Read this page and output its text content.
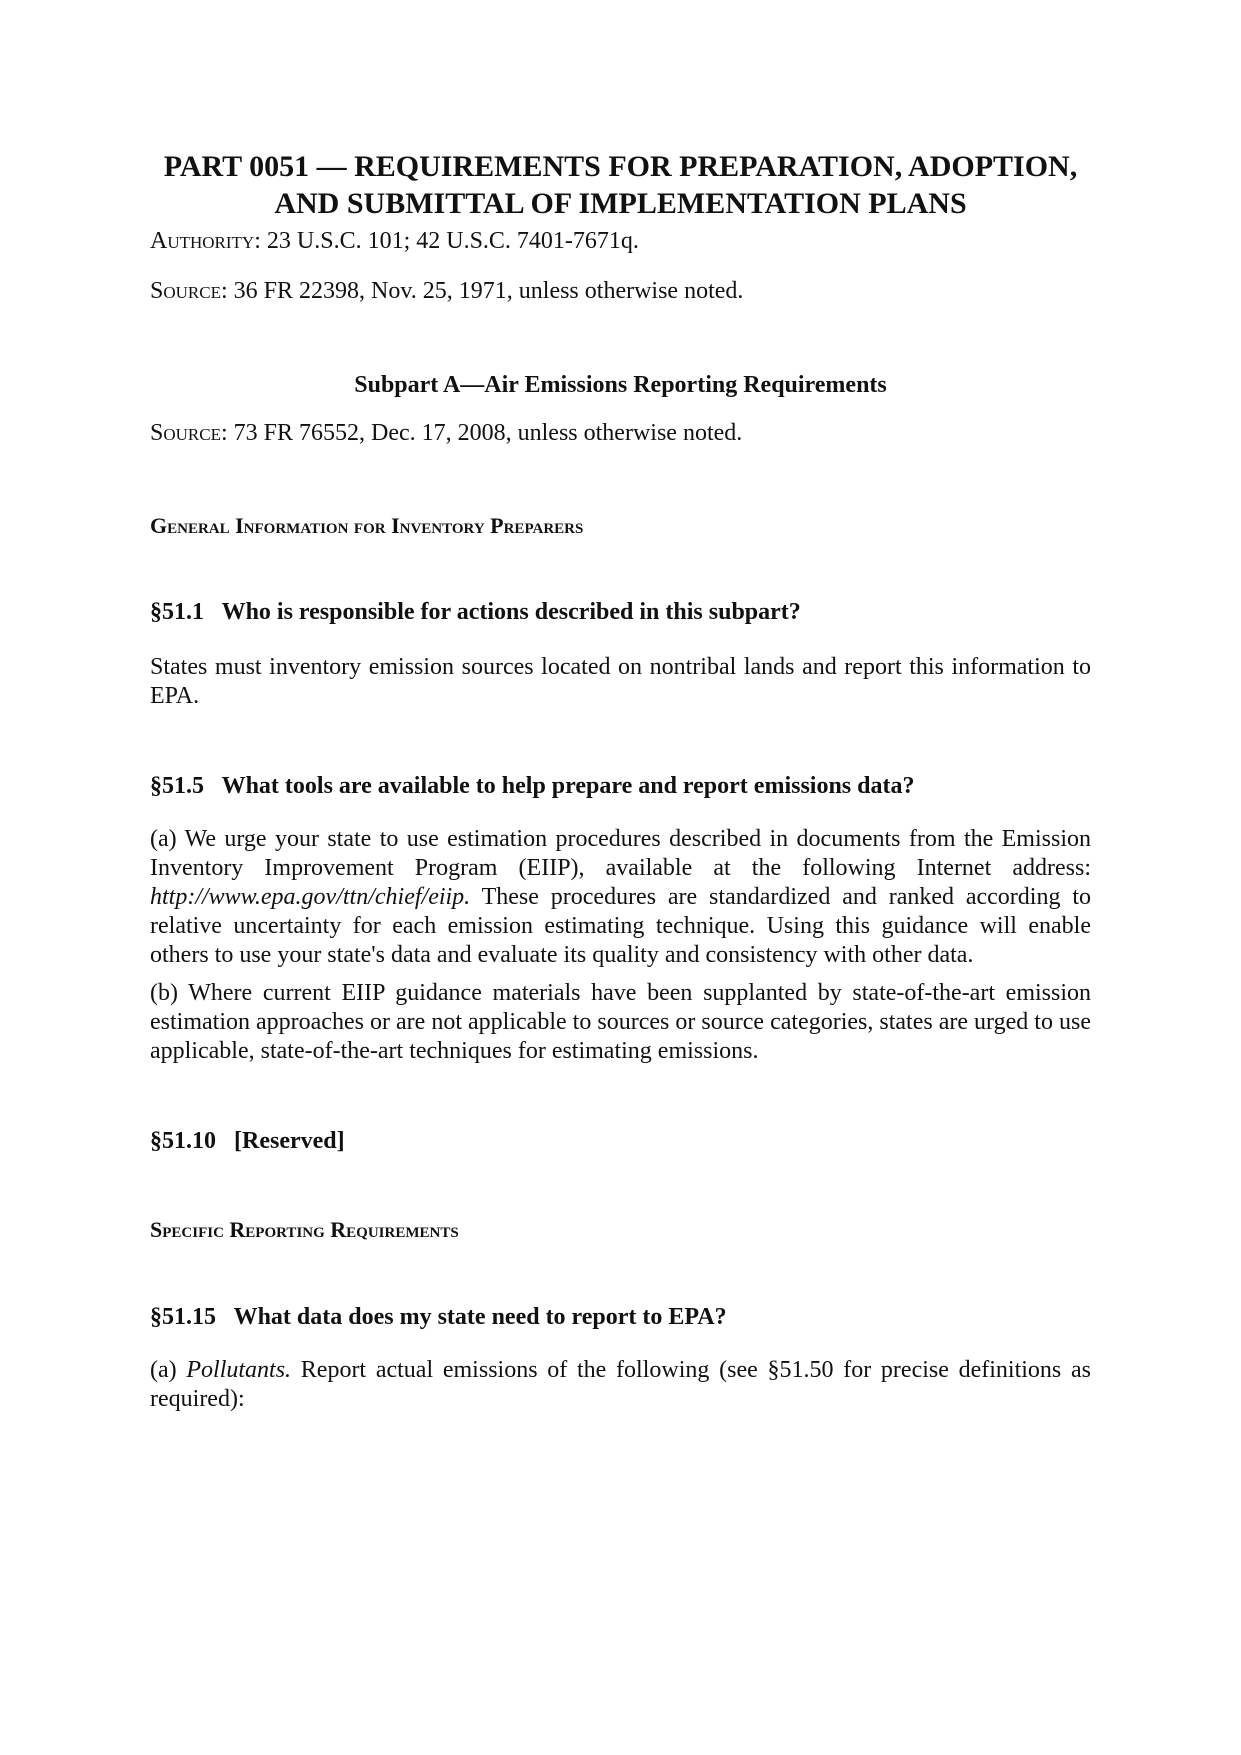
PART 0051 — REQUIREMENTS FOR PREPARATION, ADOPTION,
AND SUBMITTAL OF IMPLEMENTATION PLANS

Authority: 23 U.S.C. 101; 42 U.S.C. 7401-7671q.

Source: 36 FR 22398, Nov. 25, 1971, unless otherwise noted.

Subpart A—Air Emissions Reporting Requirements

Source: 73 FR 76552, Dec. 17, 2008, unless otherwise noted.

General Information for Inventory Preparers
§51.1 Who is responsible for actions described in this subpart?

States must inventory emission sources located on nontribal lands and report this information to EPA.

§51.5 What tools are available to help prepare and report emissions data?

(a) We urge your state to use estimation procedures described in documents from the Emission Inventory Improvement Program (EIIP), available at the following Internet address: http://www.epa.gov/ttn/chief/eiip. These procedures are standardized and ranked according to relative uncertainty for each emission estimating technique. Using this guidance will enable others to use your state's data and evaluate its quality and consistency with other data.

(b) Where current EIIP guidance materials have been supplanted by state-of-the-art emission estimation approaches or are not applicable to sources or source categories, states are urged to use applicable, state-of-the-art techniques for estimating emissions.

§51.10 [Reserved]
Specific Reporting Requirements
§51.15 What data does my state need to report to EPA?

(a) Pollutants. Report actual emissions of the following (see §51.50 for precise definitions as required):
